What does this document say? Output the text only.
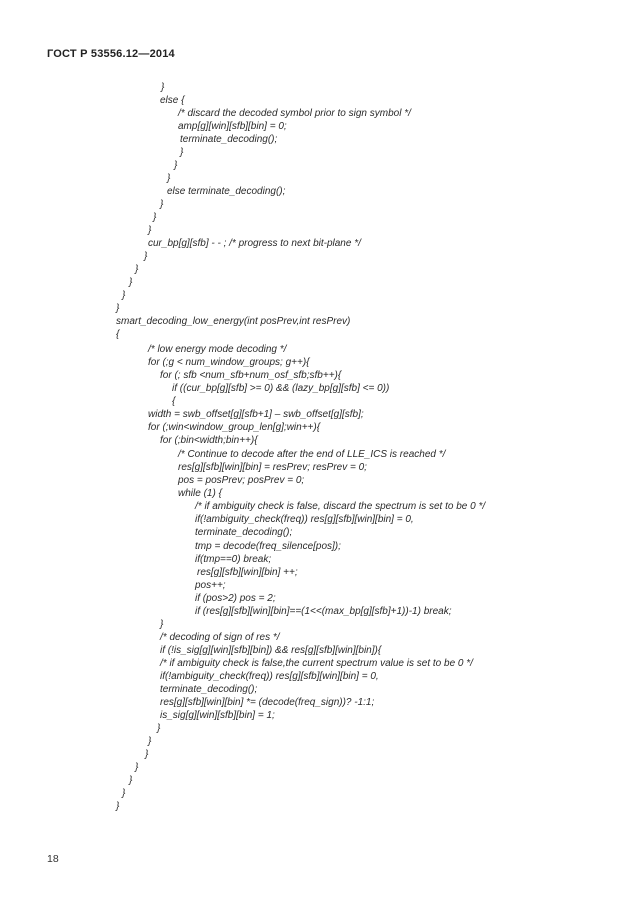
ГОСТ Р 53556.12—2014
}
else {
/* discard the decoded symbol prior to sign symbol */
amp[g][win][sfb][bin] = 0;
terminate_decoding();
}
}
}
else terminate_decoding();
}
}
}
cur_bp[g][sfb] - - ; /* progress to next bit-plane */
}
}
}
}
}
smart_decoding_low_energy(int posPrev,int resPrev)
{
/* low energy mode decoding */
for (;g < num_window_groups; g++){
for (; sfb <num_sfb+num_osf_sfb;sfb++){
if ((cur_bp[g][sfb] >= 0) && (lazy_bp[g][sfb] <= 0))
{
width = swb_offset[g][sfb+1] – swb_offset[g][sfb];
for (;win<window_group_len[g];win++){
for (;bin<width;bin++){
/* Continue to decode after the end of LLE_ICS is reached */
res[g][sfb][win][bin] = resPrev; resPrev = 0;
pos = posPrev; posPrev = 0;
while (1) {
/* if ambiguity check is false, discard the spectrum is set to be 0 */
if(!ambiguity_check(freq)) res[g][sfb][win][bin] = 0,
terminate_decoding();
tmp = decode(freq_silence[pos]);
if(tmp==0) break;
res[g][sfb][win][bin] ++;
pos++;
if (pos>2) pos = 2;
if (res[g][sfb][win][bin]==(1<<(max_bp[g][sfb]+1))-1) break;
}
/* decoding of sign of res */
if (!is_sig[g][win][sfb][bin]) && res[g][sfb][win][bin]){
/* if ambiguity check is false,the current spectrum value is set to be 0 */
if(!ambiguity_check(freq)) res[g][sfb][win][bin] = 0,
terminate_decoding();
res[g][sfb][win][bin] *= (decode(freq_sign))? -1:1;
is_sig[g][win][sfb][bin] = 1;
}
}
}
}
}
}
}
18
